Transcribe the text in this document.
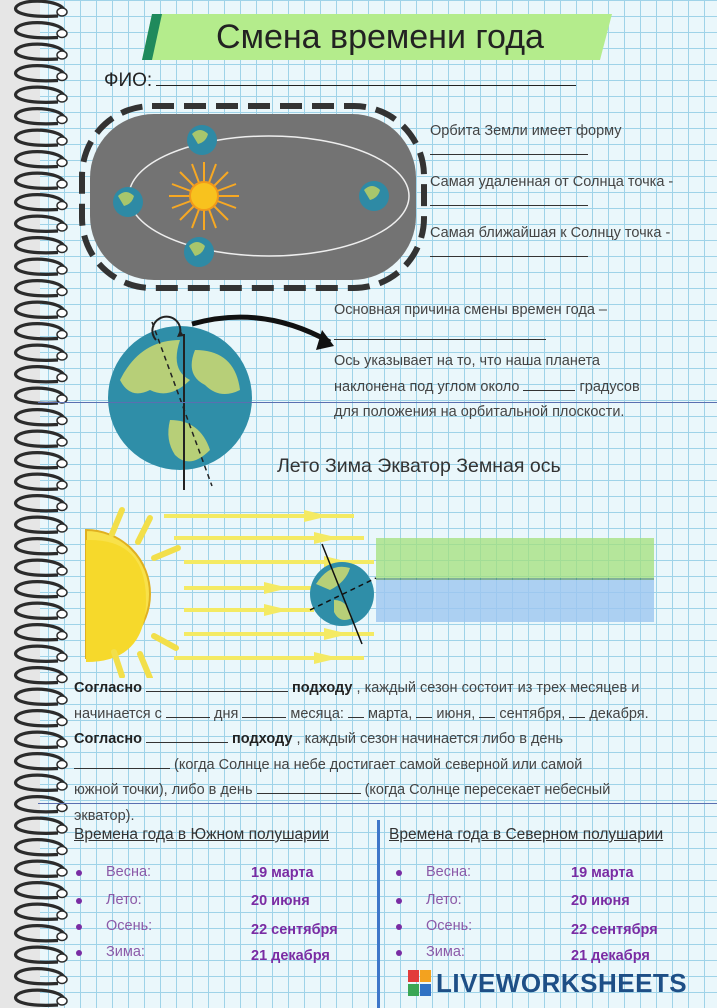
Смена времени года
ФИО:
Орбита Земли имеет форму
Самая удаленная от Солнца точка -
Самая ближайшая к Солнцу точка -
Основная причина смены времен года –
Ось указывает на то, что наша планета
наклонена под углом около	градусов
для положения на орбитальной плоскости.
Лето Зима Экватор Земная ось
Согласно	подходу , каждый сезон состоит из трех месяцев и
начинается с	дня	месяца: марта, июня, сентября, декабря.
Согласно	подходу , каждый сезон начинается либо в день
(когда Солнце на небе достигает самой северной или самой
южной точки), либо в день	(когда Солнце пересекает небесный
экватор).
Времена года в Южном полушарии
Весна:	19 марта
Лето:	20 июня
Осень:	22 сентября
Зима:	21 декабря
Времена года в Северном полушарии
Весна:	19 марта
Лето:	20 июня
Осень:	22 сентября
Зима:	21 декабря
LIVEWORKSHEETS
